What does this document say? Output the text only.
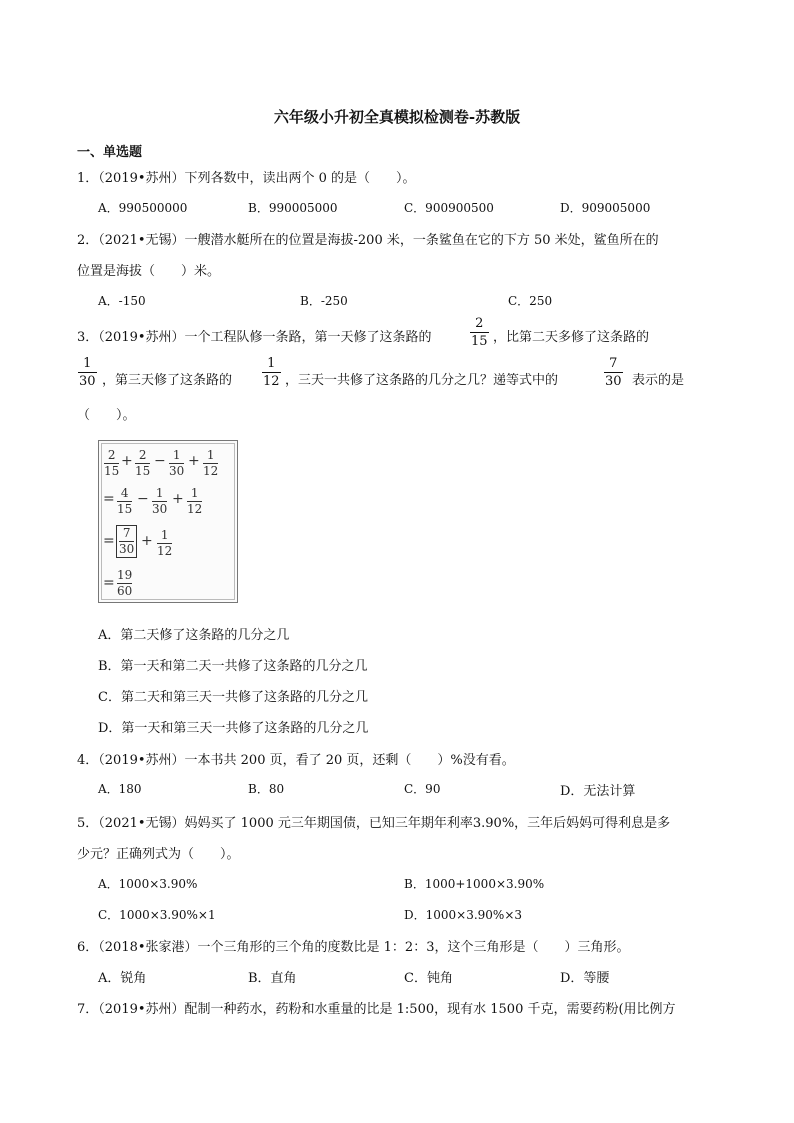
六年级小升初全真模拟检测卷-苏教版
一、单选题
1．（2019•苏州）下列各数中，读出两个 0 的是（　　）。
A．990500000	B．990005000	C．900900500	D．909005000
2．（2021•无锡）一艘潜水艇所在的位置是海拔-200 米，一条鲨鱼在它的下方 50 米处，鲨鱼所在的
位置是海拔（　　）米。
A．-150	B．-250	C．250
3．（2019•苏州）一个工程队修一条路，第一天修了这条路的
2
15 ，比第二天多修了这条路的
1
30 ，第三天修了这条路的
1
12 ，三天一共修了这条路的几分之几？递等式中的
7
30 表示的是
（　　）。
2
15
+ 2
15
− 1
30
+ 1
12
= 4
15
− 1
30
+ 1
12
= 7
30 + 1
12
= 19
60
A．第二天修了这条路的几分之几
B．第一天和第二天一共修了这条路的几分之几
C．第二天和第三天一共修了这条路的几分之几
D．第一天和第三天一共修了这条路的几分之几
4．（2019•苏州）一本书共 200 页，看了 20 页，还剩（　　）%没有看。
A．180	B．80	C．90	D．无法计算
5．（2021•无锡）妈妈买了 1000 元三年期国债，已知三年期年利率3.90%，三年后妈妈可得利息是多
少元？正确列式为（　　）。
A．1000×3.90%	B．1000+1000×3.90%
C．1000×3.90%×1	D．1000×3.90%×3
6．（2018•张家港）一个三角形的三个角的度数比是 1：2：3，这个三角形是（　　）三角形。
A．锐角	B．直角	C．钝角	D．等腰
7．（2019•苏州）配制一种药水，药粉和水重量的比是 1:500，现有水 1500 千克，需要药粉(用比例方
